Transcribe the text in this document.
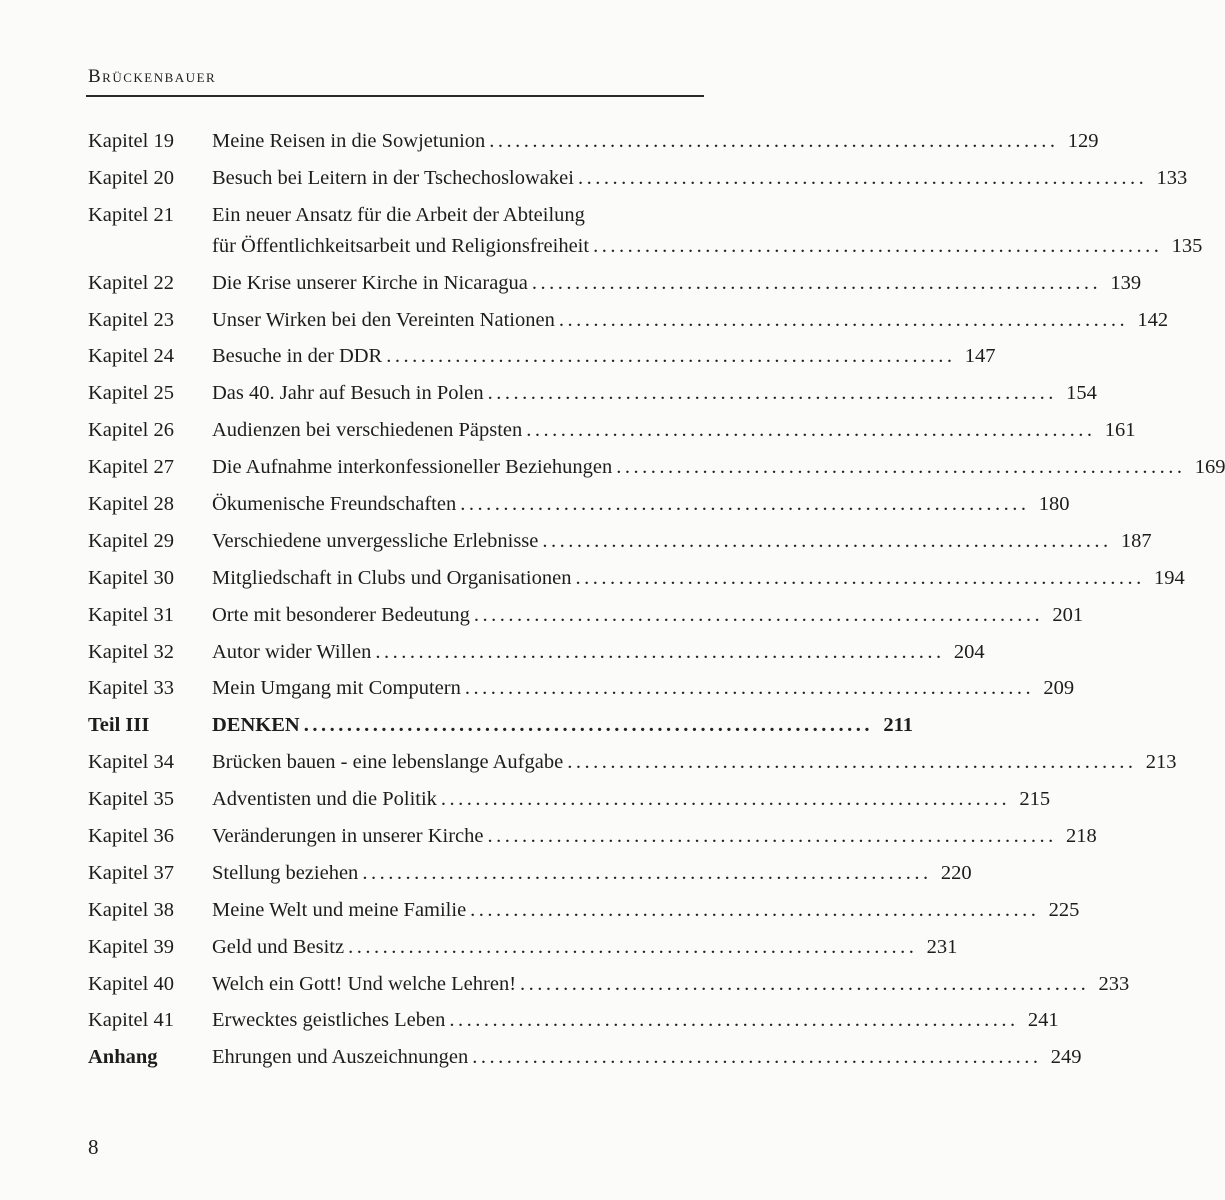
Brückenbauer
Kapitel 19	Meine Reisen in die Sowjetunion .................................................................. 129
Kapitel 20	Besuch bei Leitern in der Tschechoslowakei .................................................................. 133
Kapitel 21	Ein neuer Ansatz für die Arbeit der Abteilung
für Öffentlichkeitsarbeit und Religionsfreiheit .................................................................. 135
Kapitel 22	Die Krise unserer Kirche in Nicaragua .................................................................. 139
Kapitel 23	Unser Wirken bei den Vereinten Nationen .................................................................. 142
Kapitel 24	Besuche in der DDR .................................................................. 147
Kapitel 25	Das 40. Jahr auf Besuch in Polen .................................................................. 154
Kapitel 26	Audienzen bei verschiedenen Päpsten .................................................................. 161
Kapitel 27	Die Aufnahme interkonfessioneller Beziehungen .................................................................. 169
Kapitel 28	Ökumenische Freundschaften .................................................................. 180
Kapitel 29	Verschiedene unvergessliche Erlebnisse .................................................................. 187
Kapitel 30	Mitgliedschaft in Clubs und Organisationen .................................................................. 194
Kapitel 31	Orte mit besonderer Bedeutung .................................................................. 201
Kapitel 32	Autor wider Willen .................................................................. 204
Kapitel 33	Mein Umgang mit Computern .................................................................. 209
Teil III	DENKEN .................................................................. 211
Kapitel 34	Brücken bauen - eine lebenslange Aufgabe .................................................................. 213
Kapitel 35	Adventisten und die Politik .................................................................. 215
Kapitel 36	Veränderungen in unserer Kirche .................................................................. 218
Kapitel 37	Stellung beziehen .................................................................. 220
Kapitel 38	Meine Welt und meine Familie .................................................................. 225
Kapitel 39	Geld und Besitz .................................................................. 231
Kapitel 40	Welch ein Gott! Und welche Lehren! .................................................................. 233
Kapitel 41	Erwecktes geistliches Leben .................................................................. 241
Anhang	Ehrungen und Auszeichnungen .................................................................. 249
8
